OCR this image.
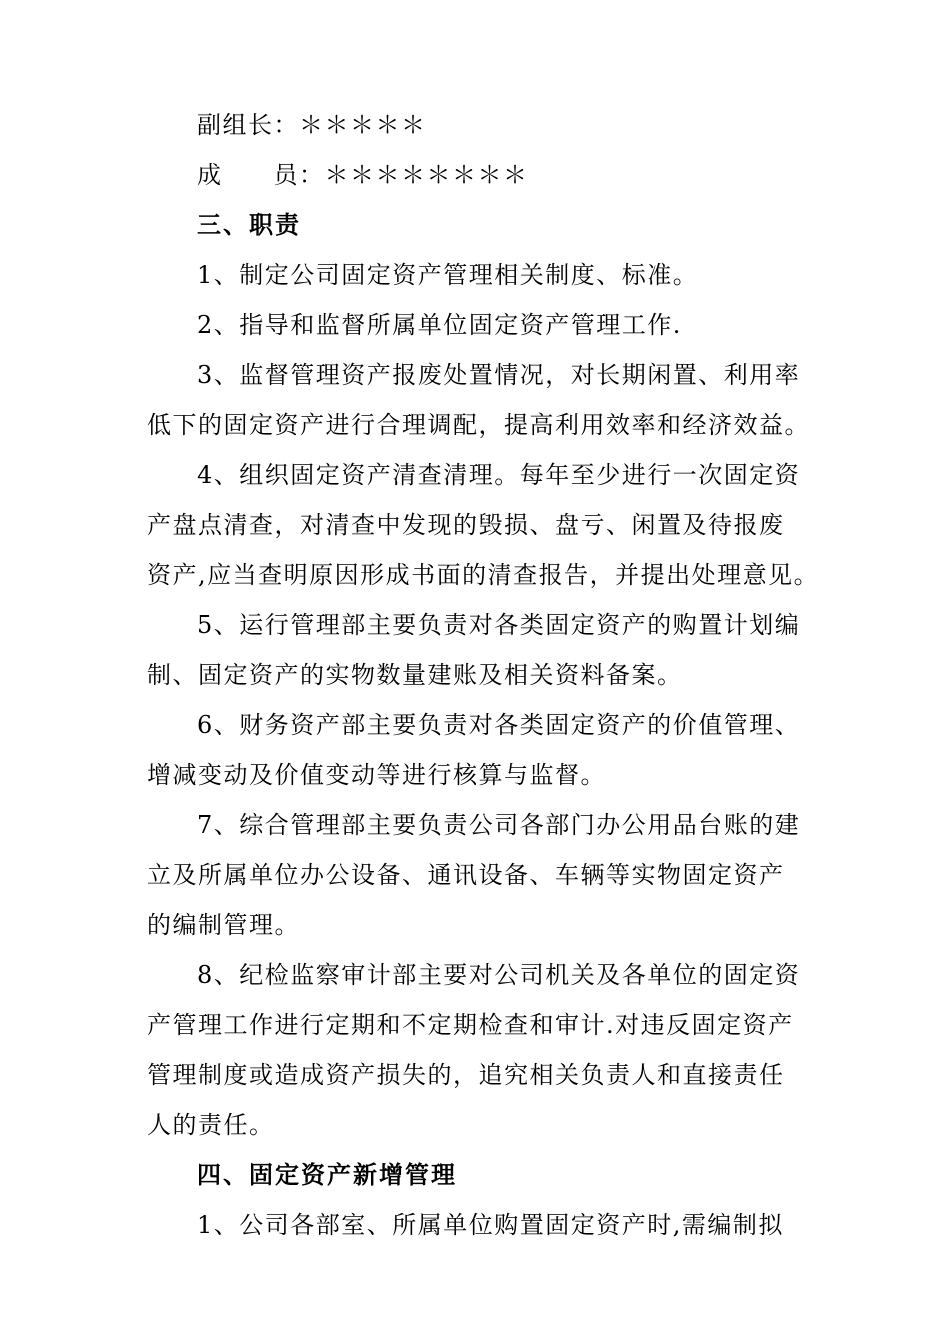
副组长：＊＊＊＊＊
成　　员：＊＊＊＊＊＊＊＊
三、职责
1、制定公司固定资产管理相关制度、标准。
2、指导和监督所属单位固定资产管理工作.
3、监督管理资产报废处置情况，对长期闲置、利用率
低下的固定资产进行合理调配，提高利用效率和经济效益。
4、组织固定资产清查清理。每年至少进行一次固定资
产盘点清查，对清查中发现的毁损、盘亏、闲置及待报废
资产,应当查明原因形成书面的清查报告，并提出处理意见。
5、运行管理部主要负责对各类固定资产的购置计划编
制、固定资产的实物数量建账及相关资料备案。
6、财务资产部主要负责对各类固定资产的价值管理、
增减变动及价值变动等进行核算与监督。
7、综合管理部主要负责公司各部门办公用品台账的建
立及所属单位办公设备、通讯设备、车辆等实物固定资产
的编制管理。
8、纪检监察审计部主要对公司机关及各单位的固定资
产管理工作进行定期和不定期检查和审计.对违反固定资产
管理制度或造成资产损失的，追究相关负责人和直接责任
人的责任。
四、固定资产新增管理
1、公司各部室、所属单位购置固定资产时,需编制拟
